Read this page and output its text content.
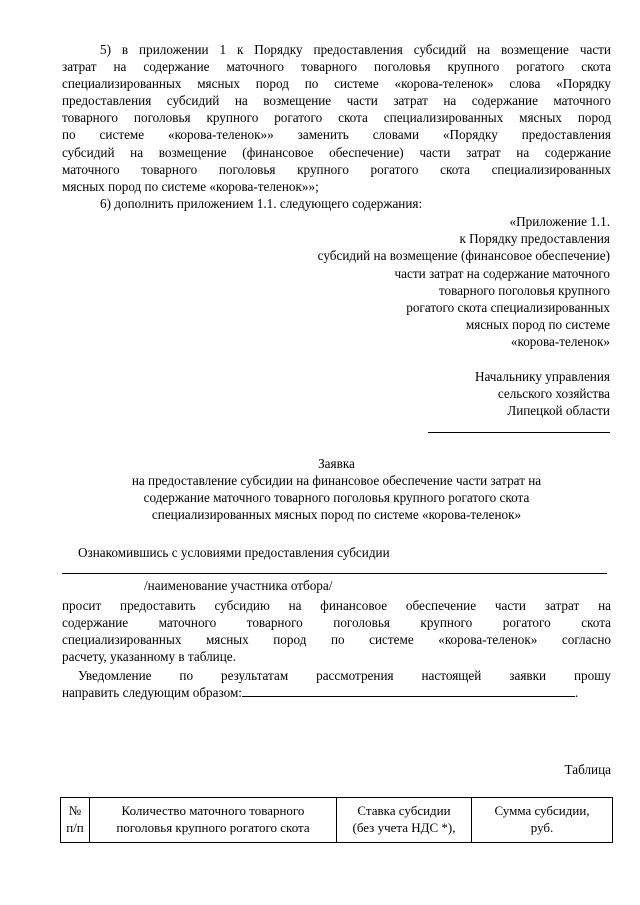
5) в приложении 1 к Порядку предоставления субсидий на возмещение части
затрат на содержание маточного товарного поголовья крупного рогатого скота
специализированных мясных пород по системе «корова-теленок» слова «Порядку
предоставления субсидий на возмещение части затрат на содержание маточного
товарного поголовья крупного рогатого скота специализированных мясных пород
по системе «корова-теленок»» заменить словами «Порядку предоставления
субсидий на возмещение (финансовое обеспечение) части затрат на содержание
маточного товарного поголовья крупного рогатого скота специализированных
мясных пород по системе «корова-теленок»»;
6) дополнить приложением 1.1. следующего содержания:
«Приложение 1.1.
к Порядку предоставления
субсидий на возмещение (финансовое обеспечение)
части затрат на содержание маточного
товарного поголовья крупного
рогатого скота специализированных
мясных пород по системе
«корова-теленок»
Начальнику управления
сельского хозяйства
Липецкой области
Заявка
на предоставление субсидии на финансовое обеспечение части затрат на
содержание маточного товарного поголовья крупного рогатого скота
специализированных мясных пород по системе «корова-теленок»
Ознакомившись с условиями предоставления субсидии
/наименование участника отбора/
просит предоставить субсидию на финансовое обеспечение части затрат на
содержание маточного товарного поголовья крупного рогатого скота
специализированных мясных пород по системе «корова-теленок» согласно
расчету, указанному в таблице.
Уведомление по результатам рассмотрения настоящей заявки прошу
направить следующим образом:	.
Таблица
№
п/п

Количество маточного товарного
поголовья крупного рогатого скота

Ставка субсидии
(без учета НДС *),

Сумма субсидии,
руб.
